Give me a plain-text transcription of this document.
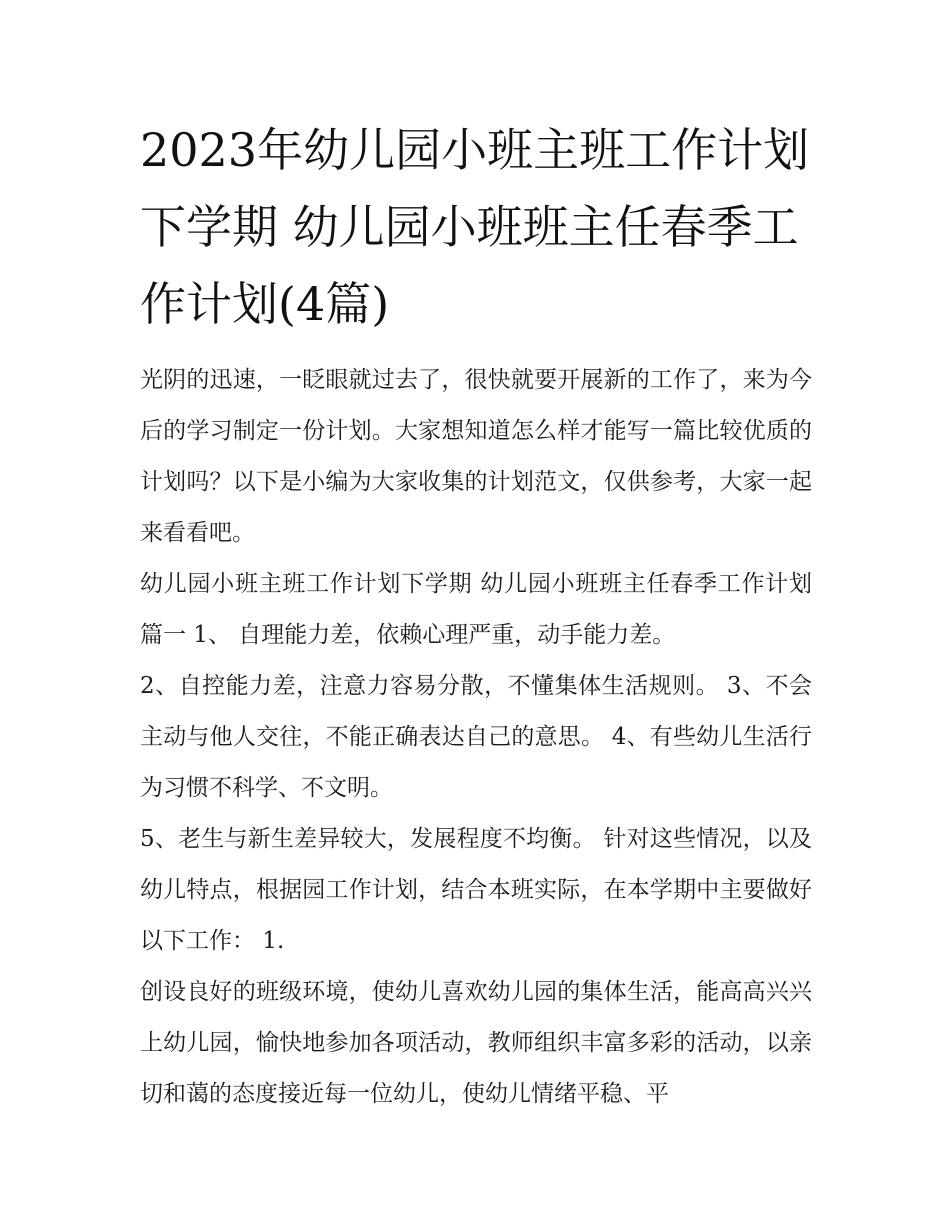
2023年幼儿园小班主班工作计划下学期 幼儿园小班班主任春季工作计划(4篇)

光阴的迅速，一眨眼就过去了，很快就要开展新的工作了，来为今后的学习制定一份计划。大家想知道怎么样才能写一篇比较优质的计划吗？以下是小编为大家收集的计划范文，仅供参考，大家一起来看看吧。

幼儿园小班主班工作计划下学期 幼儿园小班班主任春季工作计划篇一 1、 自理能力差，依赖心理严重，动手能力差。

2、自控能力差，注意力容易分散，不懂集体生活规则。 3、不会主动与他人交往，不能正确表达自己的意思。 4、有些幼儿生活行为习惯不科学、不文明。

5、老生与新生差异较大，发展程度不均衡。 针对这些情况，以及幼儿特点，根据园工作计划，结合本班实际，在本学期中主要做好以下工作： 1.

创设良好的班级环境，使幼儿喜欢幼儿园的集体生活，能高高兴兴上幼儿园，愉快地参加各项活动，教师组织丰富多彩的活动，以亲切和蔼的态度接近每一位幼儿，使幼儿情绪平稳、平
